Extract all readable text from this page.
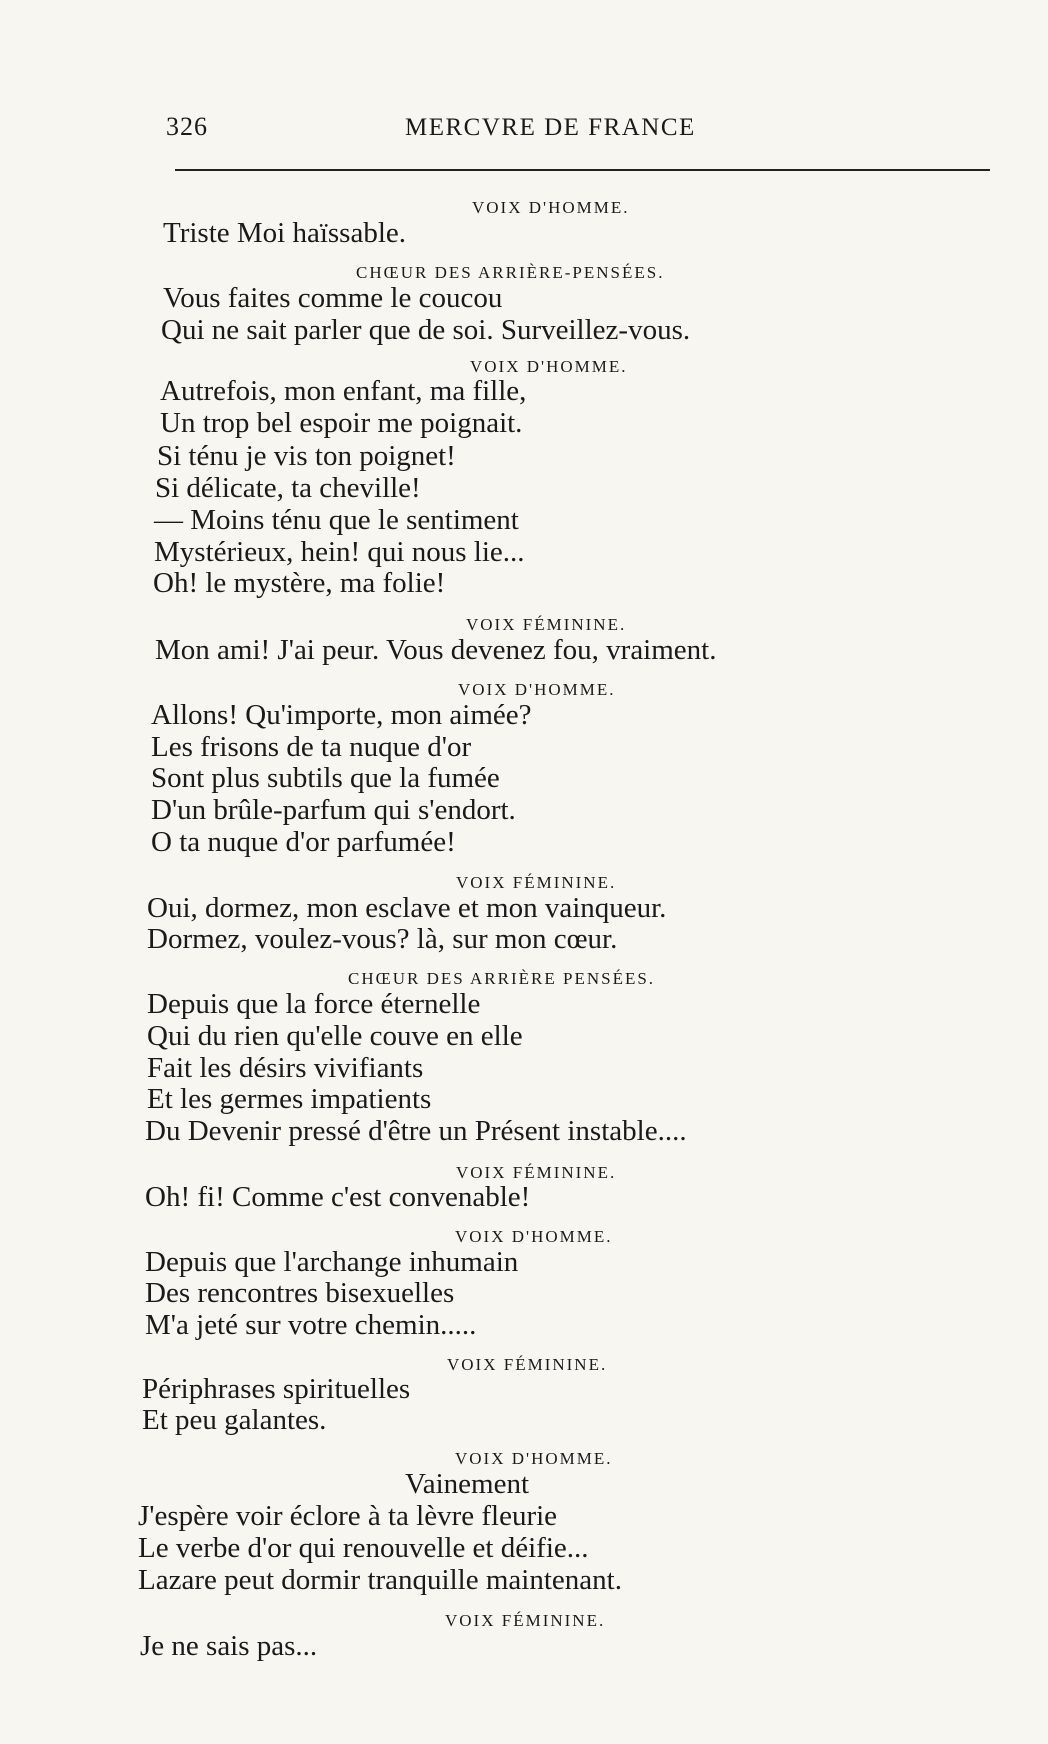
326	MERCVRE DE FRANCE
VOIX D'HOMME.
Triste Moi haïssable.
CHŒUR DES ARRIÈRE-PENSÉES.
Vous faites comme le coucou
Qui ne sait parler que de soi. Surveillez-vous.
VOIX D'HOMME.
Autrefois, mon enfant, ma fille,
Un trop bel espoir me poignait.
Si ténu je vis ton poignet!
Si délicate, ta cheville!
— Moins ténu que le sentiment
Mystérieux, hein! qui nous lie...
Oh! le mystère, ma folie!
VOIX FÉMININE.
Mon ami! J'ai peur. Vous devenez fou, vraiment.
VOIX D'HOMME.
Allons! Qu'importe, mon aimée?
Les frisons de ta nuque d'or
Sont plus subtils que la fumée
D'un brûle-parfum qui s'endort.
O ta nuque d'or parfumée!
VOIX FÉMININE.
Oui, dormez, mon esclave et mon vainqueur.
Dormez, voulez-vous? là, sur mon cœur.
CHŒUR DES ARRIÈRE PENSÉES.
Depuis que la force éternelle
Qui du rien qu'elle couve en elle
Fait les désirs vivifiants
Et les germes impatients
Du Devenir pressé d'être un Présent instable....
VOIX FÉMININE.
Oh! fi! Comme c'est convenable!
VOIX D'HOMME.
Depuis que l'archange inhumain
Des rencontres bisexuelles
M'a jeté sur votre chemin.....
VOIX FÉMININE.
Périphrases spirituelles
Et peu galantes.
VOIX D'HOMME.
Vainement
J'espère voir éclore à ta lèvre fleurie
Le verbe d'or qui renouvelle et déifie...
Lazare peut dormir tranquille maintenant.
VOIX FÉMININE.
Je ne sais pas...
